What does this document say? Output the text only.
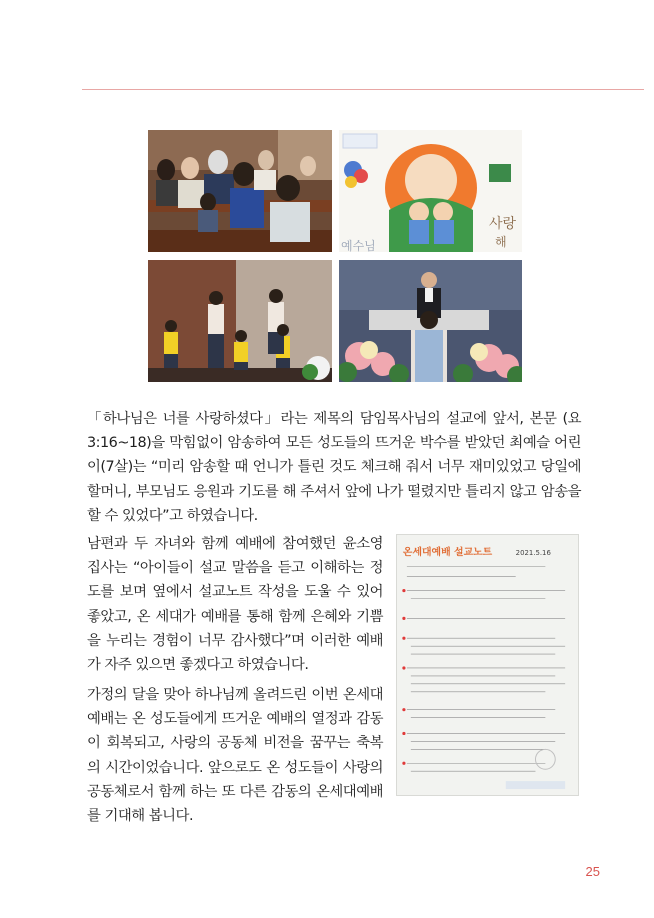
사랑
해
예수님

「하나님은 너를 사랑하셨다」라는 제목의 담임목사님의 설교에 앞서, 본문 (요 3:16~18)을 막힘없이 암송하여 모든 성도들의 뜨거운 박수를 받았던 최예슬 어린이(7살)는 “미리 암송할 때 언니가 틀린 것도 체크해 줘서 너무 재미있었고 당일에 할머니, 부모님도 응원과 기도를 해 주셔서 앞에 나가 떨렸지만 틀리지 않고 암송을 할 수 있었다”고 하였습니다.

남편과 두 자녀와 함께 예배에 참여했던 윤소영 집사는 “아이들이 설교 말씀을 듣고 이해하는 정도를 보며 옆에서 설교노트 작성을 도울 수 있어 좋았고, 온 세대가 예배를 통해 함께 은혜와 기쁨을 누리는 경험이 너무 감사했다”며 이러한 예배가 자주 있으면 좋겠다고 하였습니다.

가정의 달을 맞아 하나님께 올려드린 이번 온세대 예배는 온 성도들에게 뜨거운 예배의 열정과 감동이 회복되고, 사랑의 공동체 비전을 꿈꾸는 축복의 시간이었습니다. 앞으로도 온 성도들이 사랑의 공동체로서 함께 하는 또 다른 감동의 온세대예배를 기대해 봅니다.

온세대예배 설교노트	2021.5.16
25
